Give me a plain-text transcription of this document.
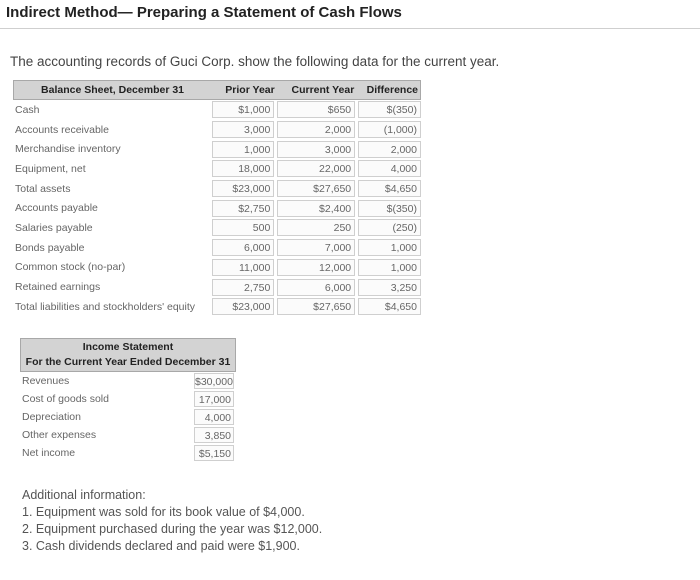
Indirect Method— Preparing a Statement of Cash Flows
The accounting records of Guci Corp. show the following data for the current year.
Balance Sheet, December 31	Prior Year	Current Year	Difference
Cash	$1,000	$650	$(350)
Accounts receivable	3,000	2,000	(1,000)
Merchandise inventory	1,000	3,000	2,000
Equipment, net	18,000	22,000	4,000
Total assets	$23,000	$27,650	$4,650
Accounts payable	$2,750	$2,400	$(350)
Salaries payable	500	250	(250)
Bonds payable	6,000	7,000	1,000
Common stock (no-par)	11,000	12,000	1,000
Retained earnings	2,750	6,000	3,250
Total liabilities and stockholders' equity	$23,000	$27,650	$4,650
Income Statement
For the Current Year Ended December 31
Revenues	$30,000
Cost of goods sold	17,000
Depreciation	4,000
Other expenses	3,850
Net income	$5,150
Additional information:
1. Equipment was sold for its book value of $4,000.
2. Equipment purchased during the year was $12,000.
3. Cash dividends declared and paid were $1,900.
